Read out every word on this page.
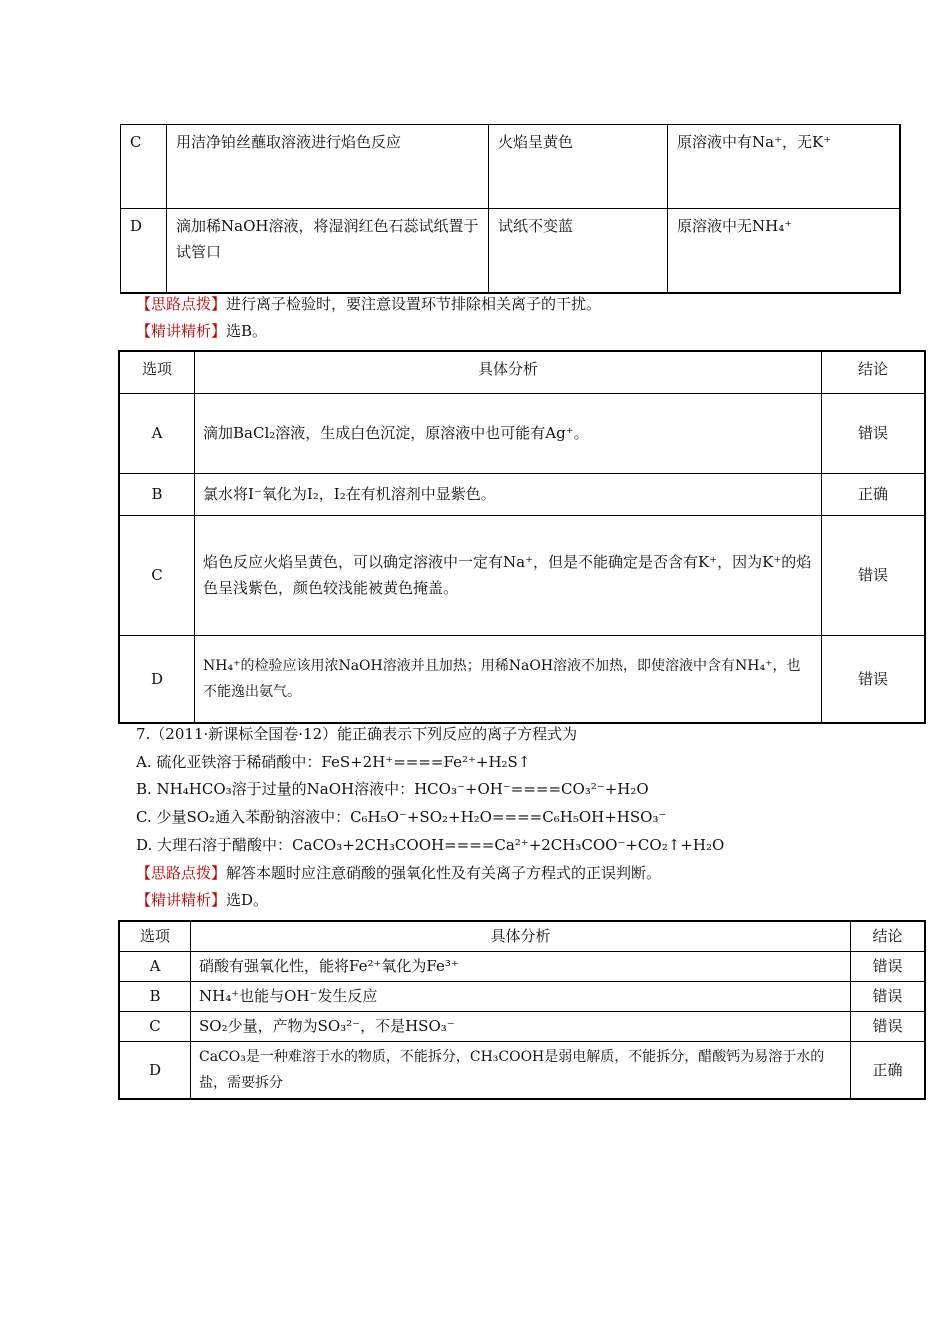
C	用洁净铂丝蘸取溶液进行焰色反应	火焰呈黄色	原溶液中有Na⁺，无K⁺
D	滴加稀NaOH溶液，将湿润红色石蕊试纸置于试管口	试纸不变蓝	原溶液中无NH₄⁺
【思路点拨】进行离子检验时，要注意设置环节排除相关离子的干扰。
【精讲精析】选B。
选项	具体分析	结论
A	滴加BaCl₂溶液，生成白色沉淀，原溶液中也可能有Ag⁺。	错误
B	氯水将I⁻氧化为I₂，I₂在有机溶剂中显紫色。	正确
C	焰色反应火焰呈黄色，可以确定溶液中一定有Na⁺，但是不能确定是否含有K⁺，因为K⁺的焰色呈浅紫色，颜色较浅能被黄色掩盖。	错误
D	NH₄⁺的检验应该用浓NaOH溶液并且加热；用稀NaOH溶液不加热，即使溶液中含有NH₄⁺，也不能逸出氨气。	错误
7.（2011·新课标全国卷·12）能正确表示下列反应的离子方程式为
A. 硫化亚铁溶于稀硝酸中：FeS+2H⁺====Fe²⁺+H₂S↑
B. NH₄HCO₃溶于过量的NaOH溶液中：HCO₃⁻+OH⁻====CO₃²⁻+H₂O
C. 少量SO₂通入苯酚钠溶液中：C₆H₅O⁻+SO₂+H₂O====C₆H₅OH+HSO₃⁻
D. 大理石溶于醋酸中：CaCO₃+2CH₃COOH====Ca²⁺+2CH₃COO⁻+CO₂↑+H₂O
【思路点拨】解答本题时应注意硝酸的强氧化性及有关离子方程式的正误判断。
【精讲精析】选D。
选项	具体分析	结论
A	硝酸有强氧化性，能将Fe²⁺氧化为Fe³⁺	错误
B	NH₄⁺也能与OH⁻发生反应	错误
C	SO₂少量，产物为SO₃²⁻，不是HSO₃⁻	错误
D	CaCO₃是一种难溶于水的物质，不能拆分，CH₃COOH是弱电解质，不能拆分，醋酸钙为易溶于水的盐，需要拆分	正确
